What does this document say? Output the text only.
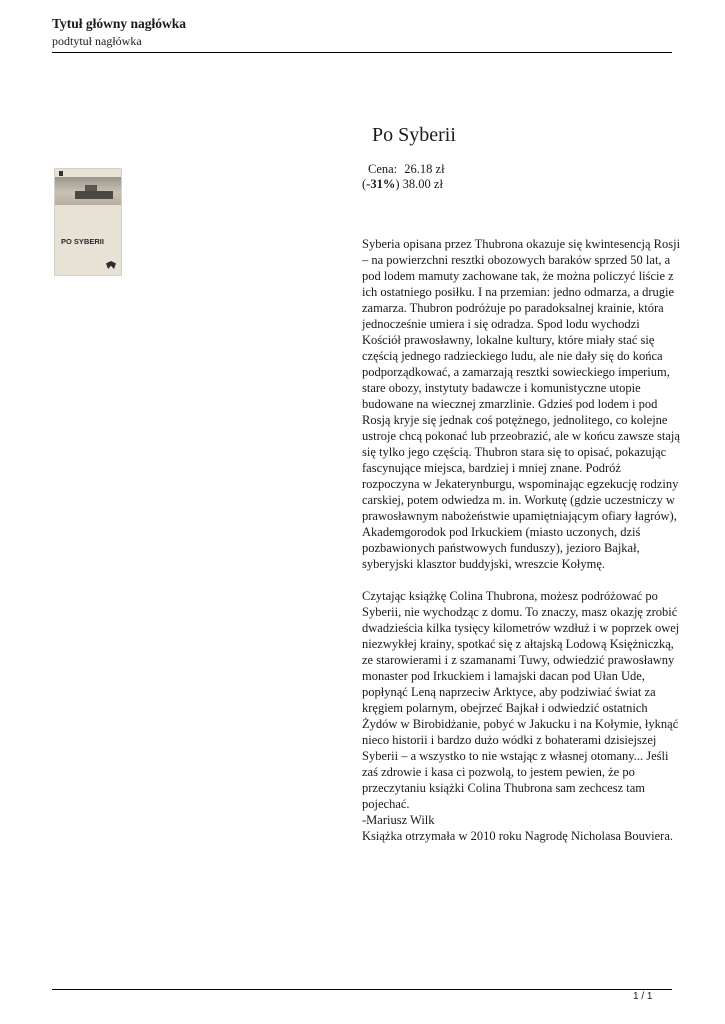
Tytuł główny nagłówka
podtytuł nagłówka
PO SYBERII
Po Syberii
Cena: 26.18 zł
(-31%) 38.00 zł

Syberia opisana przez Thubrona okazuje się kwintesencją Rosji
– na powierzchni resztki obozowych baraków sprzed 50 lat, a
pod lodem mamuty zachowane tak, że można policzyć liście z
ich ostatniego posiłku. I na przemian: jedno odmarza, a drugie
zamarza. Thubron podróżuje po paradoksalnej krainie, która
jednocześnie umiera i się odradza. Spod lodu wychodzi
Kościół prawosławny, lokalne kultury, które miały stać się
częścią jednego radzieckiego ludu, ale nie dały się do końca
podporządkować, a zamarzają resztki sowieckiego imperium,
stare obozy, instytuty badawcze i komunistyczne utopie
budowane na wiecznej zmarzlinie. Gdzieś pod lodem i pod
Rosją kryje się jednak coś potężnego, jednolitego, co kolejne
ustroje chcą pokonać lub przeobrazić, ale w końcu zawsze stają
się tylko jego częścią. Thubron stara się to opisać, pokazując
fascynujące miejsca, bardziej i mniej znane. Podróż
rozpoczyna w Jekaterynburgu, wspominając egzekucję rodziny
carskiej, potem odwiedza m. in. Workutę (gdzie uczestniczy w
prawosławnym nabożeństwie upamiętniającym ofiary łagrów),
Akademgorodok pod Irkuckiem (miasto uczonych, dziś
pozbawionych państwowych funduszy), jezioro Bajkał,
syberyjski klasztor buddyjski, wreszcie Kołymę.

Czytając książkę Colina Thubrona, możesz podróżować po
Syberii, nie wychodząc z domu. To znaczy, masz okazję zrobić
dwadzieścia kilka tysięcy kilometrów wzdłuż i w poprzek owej
niezwykłej krainy, spotkać się z ałtajską Lodową Księżniczką,
ze starowierami i z szamanami Tuwy, odwiedzić prawosławny
monaster pod Irkuckiem i lamajski dacan pod Ułan Ude,
popłynąć Leną naprzeciw Arktyce, aby podziwiać świat za
kręgiem polarnym, obejrzeć Bajkał i odwiedzić ostatnich
Żydów w Birobidżanie, pobyć w Jakucku i na Kołymie, łyknąć
nieco historii i bardzo dużo wódki z bohaterami dzisiejszej
Syberii – a wszystko to nie wstając z własnej otomany... Jeśli
zaś zdrowie i kasa ci pozwolą, to jestem pewien, że po
przeczytaniu książki Colina Thubrona sam zechcesz tam
pojechać.
-Mariusz Wilk
Książka otrzymała w 2010 roku Nagrodę Nicholasa Bouviera.

1 / 1
